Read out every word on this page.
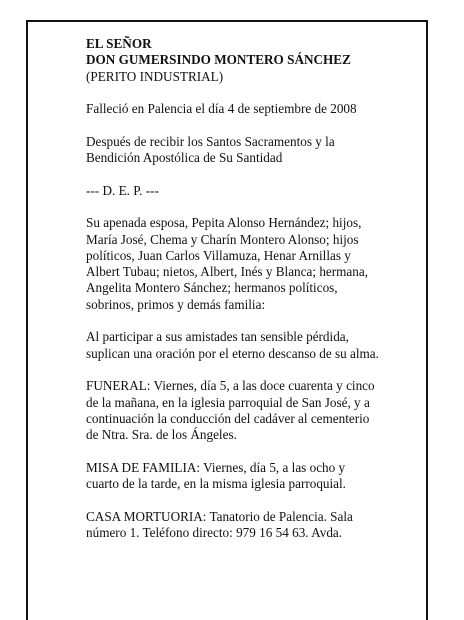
EL SEÑOR
DON GUMERSINDO MONTERO SÁNCHEZ
(PERITO INDUSTRIAL)

Falleció en Palencia el día 4 de septiembre de 2008

Después de recibir los Santos Sacramentos y la
Bendición Apostólica de Su Santidad

--- D. E. P. ---

Su apenada esposa, Pepita Alonso Hernández; hijos,
María José, Chema y Charín Montero Alonso; hijos
políticos, Juan Carlos Villamuza, Henar Arnillas y
Albert Tubau; nietos, Albert, Inés y Blanca; hermana,
Angelita Montero Sánchez; hermanos políticos,
sobrinos, primos y demás familia:

Al participar a sus amistades tan sensible pérdida,
suplican una oración por el eterno descanso de su alma.

FUNERAL: Viernes, día 5, a las doce cuarenta y cinco
de la mañana, en la iglesia parroquial de San José, y a
continuación la conducción del cadáver al cementerio
de Ntra. Sra. de los Ángeles.

MISA DE FAMILIA: Viernes, día 5, a las ocho y
cuarto de la tarde, en la misma iglesia parroquial.

CASA MORTUORIA: Tanatorio de Palencia. Sala
número 1. Teléfono directo: 979 16 54 63. Avda.
